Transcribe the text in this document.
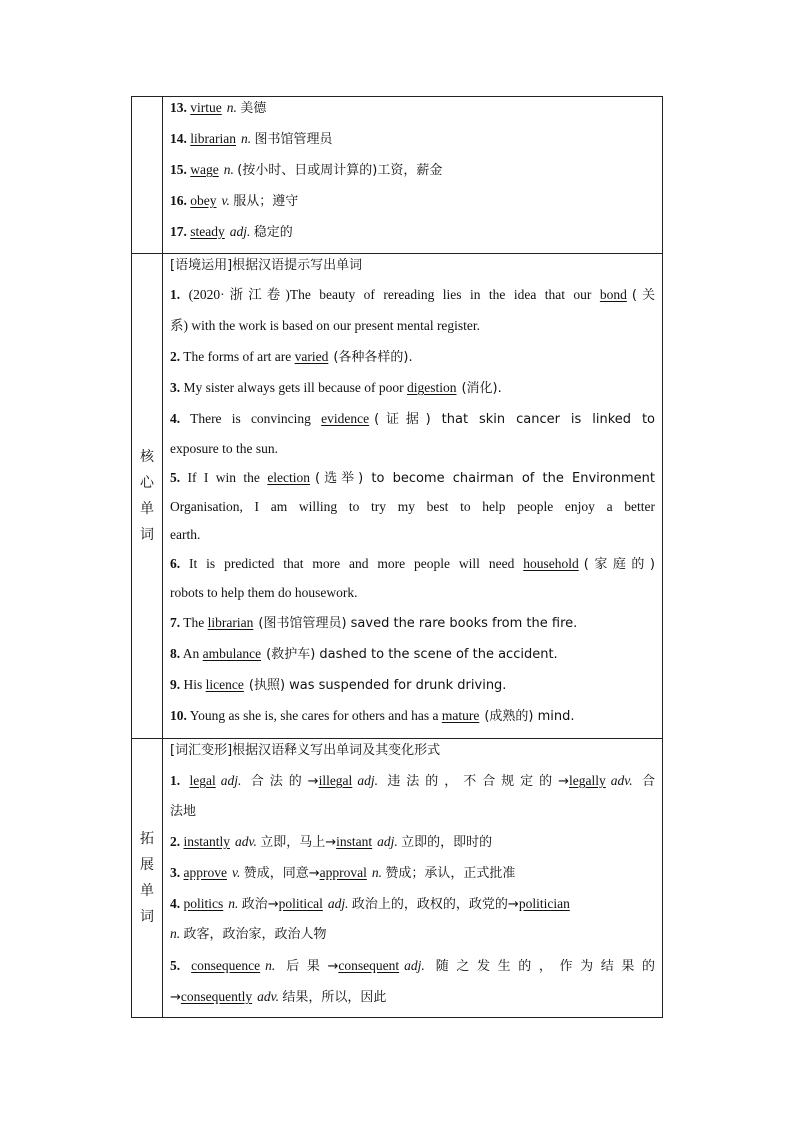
13. virtue n. 美德
14. librarian n. 图书馆管理员
15. wage n. (按小时、日或周计算的)工资，薪金
16. obey v. 服从；遵守
17. steady adj. 稳定的
核
心
单
词
[语境运用]根据汉语提示写出单词
1. (2020·浙江卷)The beauty of rereading lies in the idea that our bond (关
系) with the work is based on our present mental register.
2. The forms of art are varied (各种各样的).
3. My sister always gets ill because of poor digestion (消化).
4. There is convincing evidence (证据) that skin cancer is linked to
exposure to the sun.
5. If I win the election (选举) to become chairman of the Environment
Organisation, I am willing to try my best to help people enjoy a better
earth.
6. It is predicted that more and more people will need household (家庭的)
robots to help them do housework.
7. The librarian (图书馆管理员) saved the rare books from the fire.
8. An ambulance (救护车) dashed to the scene of the accident.
9. His licence (执照) was suspended for drunk driving.
10. Young as she is, she cares for others and has a mature (成熟的) mind.
拓
展
单
词
[词汇变形]根据汉语释义写出单词及其变化形式
1. legal adj. 合法的→illegal adj. 违法的，不合规定的→legally adv. 合
法地
2. instantly adv. 立即，马上→instant adj. 立即的，即时的
3. approve v. 赞成，同意→approval n. 赞成；承认，正式批准
4. politics n. 政治→political adj. 政治上的，政权的，政党的→politician
n. 政客，政治家，政治人物
5. consequence n. 后果→consequent adj. 随之发生的，作为结果的
→consequently adv. 结果，所以，因此
